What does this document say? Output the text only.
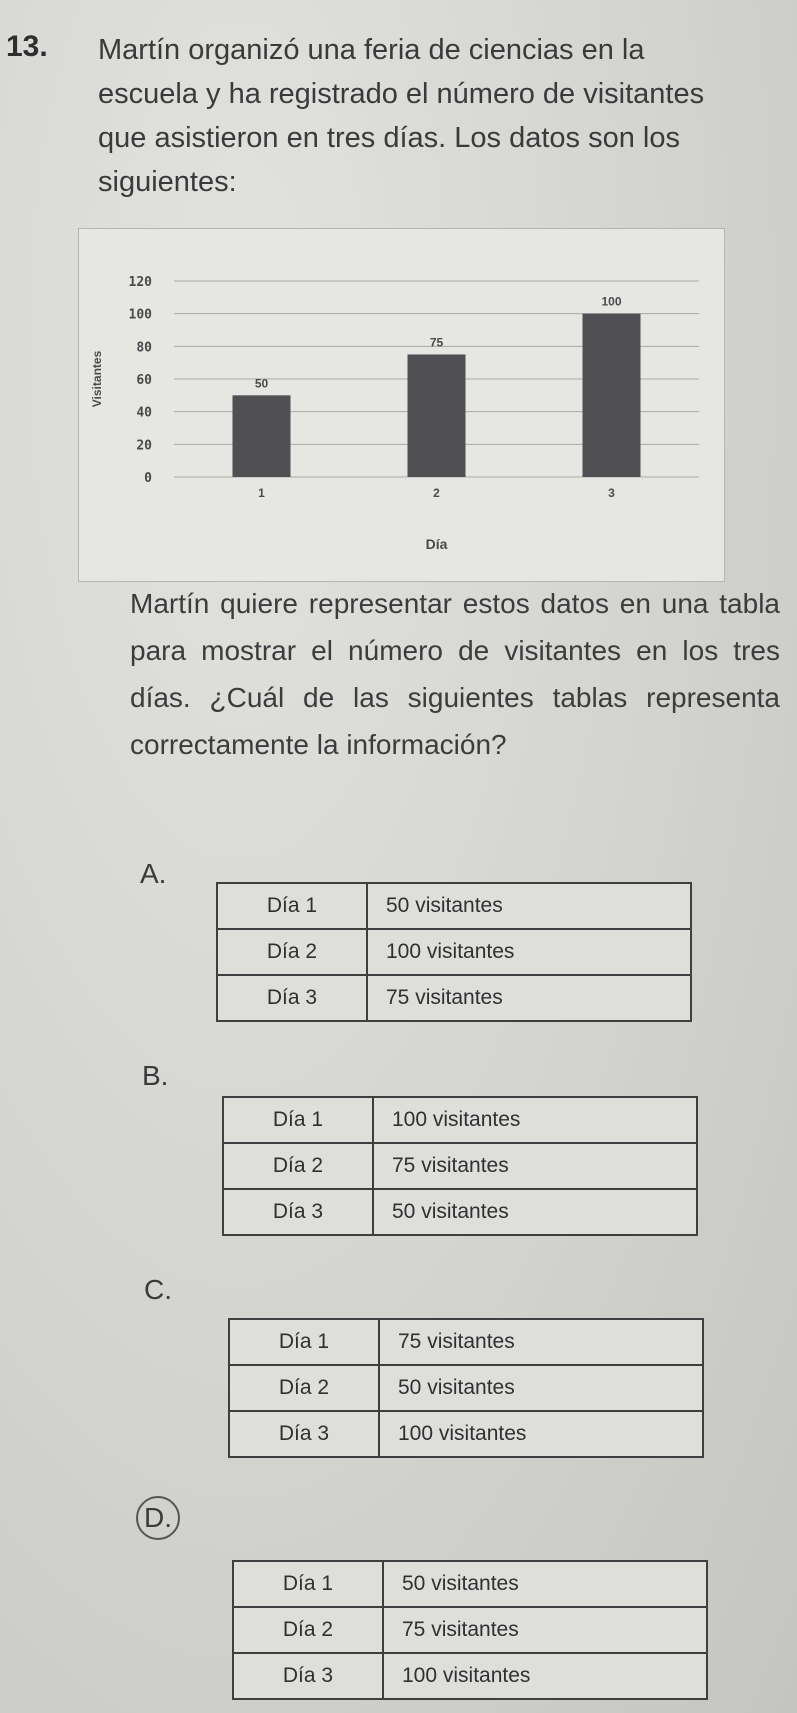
13. Martín organizó una feria de ciencias en la escuela y ha registrado el número de visitantes que asistieron en tres días. Los datos son los siguientes:
0
20
40
60
80
100
120
Visitantes	50
1
75
2
100
3
Día
Martín quiere representar estos datos en una tabla para mostrar el número de visitantes en los tres días. ¿Cuál de las siguientes tablas representa correctamente la información?
A.
Día 1	50 visitantes
Día 2	100 visitantes
Día 3	75 visitantes
B.
Día 1	100 visitantes
Día 2	75 visitantes
Día 3	50 visitantes
C.
Día 1	75 visitantes
Día 2	50 visitantes
Día 3	100 visitantes
D.
Día 1	50 visitantes
Día 2	75 visitantes
Día 3	100 visitantes
